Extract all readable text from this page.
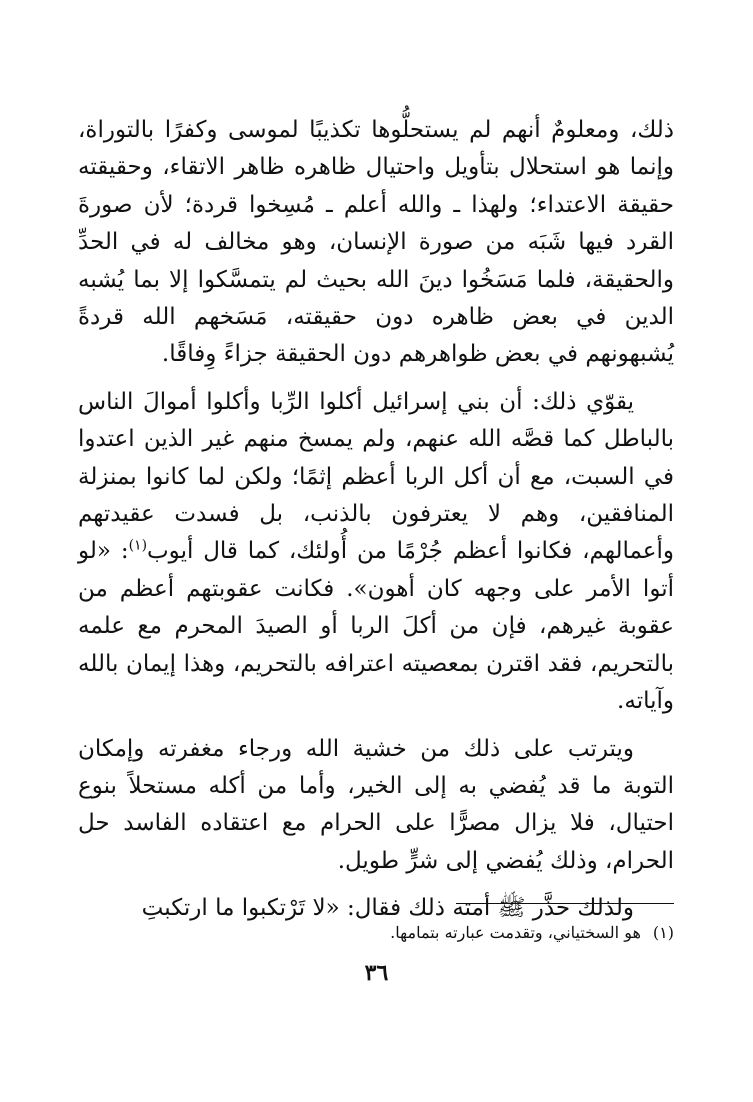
ذلك، ومعلومٌ أنهم لم يستحلُّوها تكذيبًا لموسى وكفرًا بالتوراة، وإنما هو استحلال بتأويل واحتيال ظاهره ظاهر الاتقاء، وحقيقته حقيقة الاعتداء؛ ولهذا ـ والله أعلم ـ مُسِخوا قردة؛ لأن صورةَ القرد فيها شَبَه من صورة الإنسان، وهو مخالف له في الحدِّ والحقيقة، فلما مَسَخُوا دينَ الله بحيث لم يتمسَّكوا إلا بما يُشبه الدين في بعض ظاهره دون حقيقته، مَسَخهم الله قردةً يُشبهونهم في بعض ظواهرهم دون الحقيقة جزاءً وِفاقًا.

يقوّي ذلك: أن بني إسرائيل أكلوا الرِّبا وأكلوا أموالَ الناس بالباطل كما قصَّه الله عنهم، ولم يمسخ منهم غير الذين اعتدوا في السبت، مع أن أكل الربا أعظم إثمًا؛ ولكن لما كانوا بمنزلة المنافقين، وهم لا يعترفون بالذنب، بل فسدت عقيدتهم وأعمالهم، فكانوا أعظم جُرْمًا من أُولئك، كما قال أيوب$^{(١)}$: «لو أتوا الأمر على وجهه كان أهون». فكانت عقوبتهم أعظم من عقوبة غيرهم، فإن من أكلَ الربا أو الصيدَ المحرم مع علمه بالتحريم، فقد اقترن بمعصيته اعترافه بالتحريم، وهذا إيمان بالله وآياته.

ويترتب على ذلك من خشية الله ورجاء مغفرته وإمكان التوبة ما قد يُفضي به إلى الخير، وأما من أكله مستحلاً بنوع احتيال، فلا يزال مصرًّا على الحرام مع اعتقاده الفاسد حل الحرام، وذلك يُفضي إلى شرٍّ طويل.

ولذلك حذَّر ﷺ أمته ذلك فقال: «لا تَرْتكبوا ما ارتكبتِ

(١)هو السختياني، وتقدمت عبارته بتمامها.
٣٦
